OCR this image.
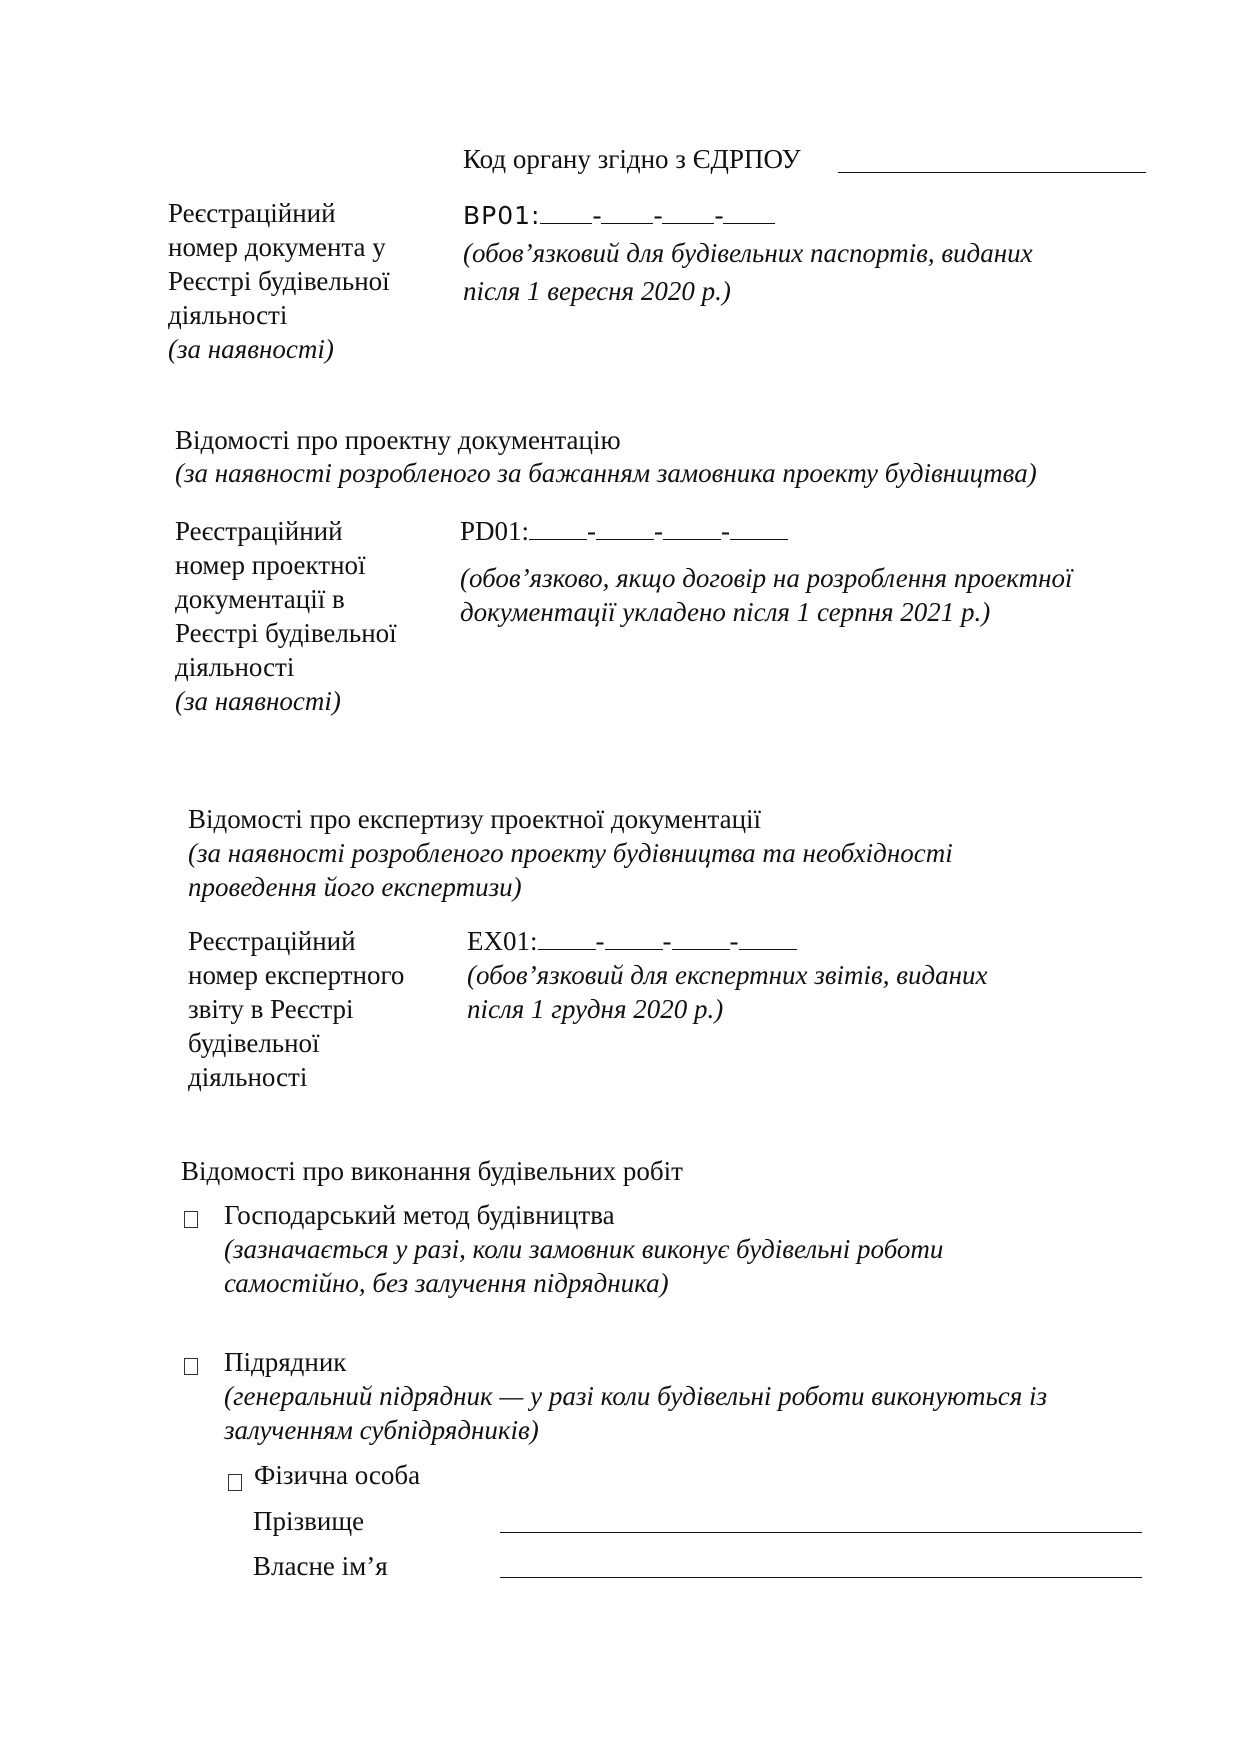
Код органу згідно з ЄДРПОУ
Реєстраційний
номер документа у
Реєстрі будівельної
діяльності
(за наявності)
BP01: - - -
(обов’язковий для будівельних паспортів, виданих
після 1 вересня 2020 р.)
Відомості про проектну документацію
(за наявності розробленого за бажанням замовника проекту будівництва)
Реєстраційний
номер проектної
документації в
Реєстрі будівельної
діяльності
(за наявності)
PD01: - - -
(обов’язково, якщо договір на розроблення проектної
документації укладено після 1 серпня 2021 р.)
Відомості про експертизу проектної документації
(за наявності розробленого проекту будівництва та необхідності
проведення його експертизи)
Реєстраційний
номер експертного
звіту в Реєстрі
будівельної
діяльності
EX01: - - -
(обов’язковий для експертних звітів, виданих
після 1 грудня 2020 р.)
Відомості про виконання будівельних робіт
Господарський метод будівництва
(зазначається у разі, коли замовник виконує будівельні роботи
самостійно, без залучення підрядника)
Підрядник
(генеральний підрядник — у разі коли будівельні роботи виконуються із
залученням субпідрядників)
Фізична особа
Прізвище
Власне ім’я
